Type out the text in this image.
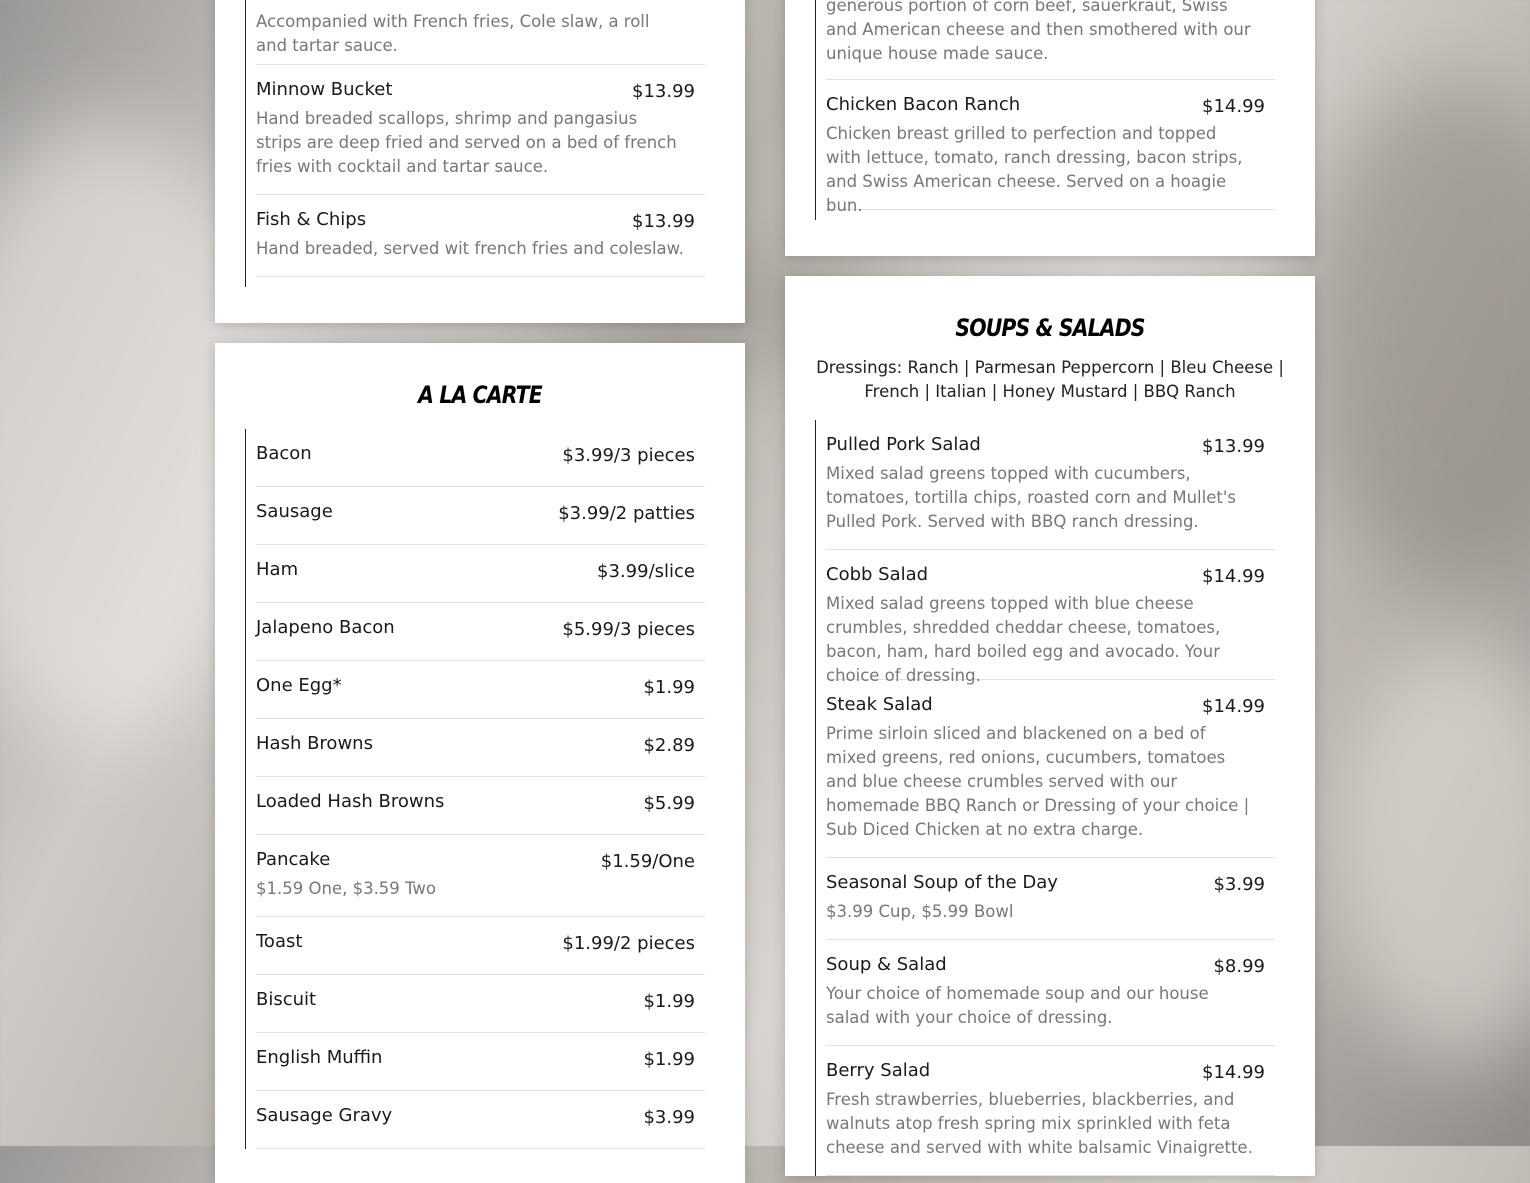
Accompanied with French fries, Cole slaw, a roll and tartar sauce.
Minnow Bucket	$13.99
Hand breaded scallops, shrimp and pangasius strips are deep fried and served on a bed of french fries with cocktail and tartar sauce.
Fish & Chips	$13.99
Hand breaded, served wit french fries and coleslaw.
generous portion of corn beef, sauerkraut, Swiss and American cheese and then smothered with our unique house made sauce.
Chicken Bacon Ranch	$14.99
Chicken breast grilled to perfection and topped with lettuce, tomato, ranch dressing, bacon strips, and Swiss American cheese. Served on a hoagie bun.
A LA CARTE
Bacon	$3.99/3 pieces
Sausage	$3.99/2 patties
Ham	$3.99/slice
Jalapeno Bacon	$5.99/3 pieces
One Egg*	$1.99
Hash Browns	$2.89
Loaded Hash Browns	$5.99
Pancake	$1.59/One
$1.59 One, $3.59 Two
Toast	$1.99/2 pieces
Biscuit	$1.99
English Muffin	$1.99
Sausage Gravy	$3.99
SOUPS & SALADS
Dressings: Ranch | Parmesan Peppercorn | Bleu Cheese | French | Italian | Honey Mustard | BBQ Ranch
Pulled Pork Salad	$13.99
Mixed salad greens topped with cucumbers, tomatoes, tortilla chips, roasted corn and Mullet's Pulled Pork. Served with BBQ ranch dressing.
Cobb Salad	$14.99
Mixed salad greens topped with blue cheese crumbles, shredded cheddar cheese, tomatoes, bacon, ham, hard boiled egg and avocado. Your choice of dressing.
Steak Salad	$14.99
Prime sirloin sliced and blackened on a bed of mixed greens, red onions, cucumbers, tomatoes and blue cheese crumbles served with our homemade BBQ Ranch or Dressing of your choice | Sub Diced Chicken at no extra charge.
Seasonal Soup of the Day	$3.99
$3.99 Cup, $5.99 Bowl
Soup & Salad	$8.99
Your choice of homemade soup and our house salad with your choice of dressing.
Berry Salad	$14.99
Fresh strawberries, blueberries, blackberries, and walnuts atop fresh spring mix sprinkled with feta cheese and served with white balsamic Vinaigrette.
